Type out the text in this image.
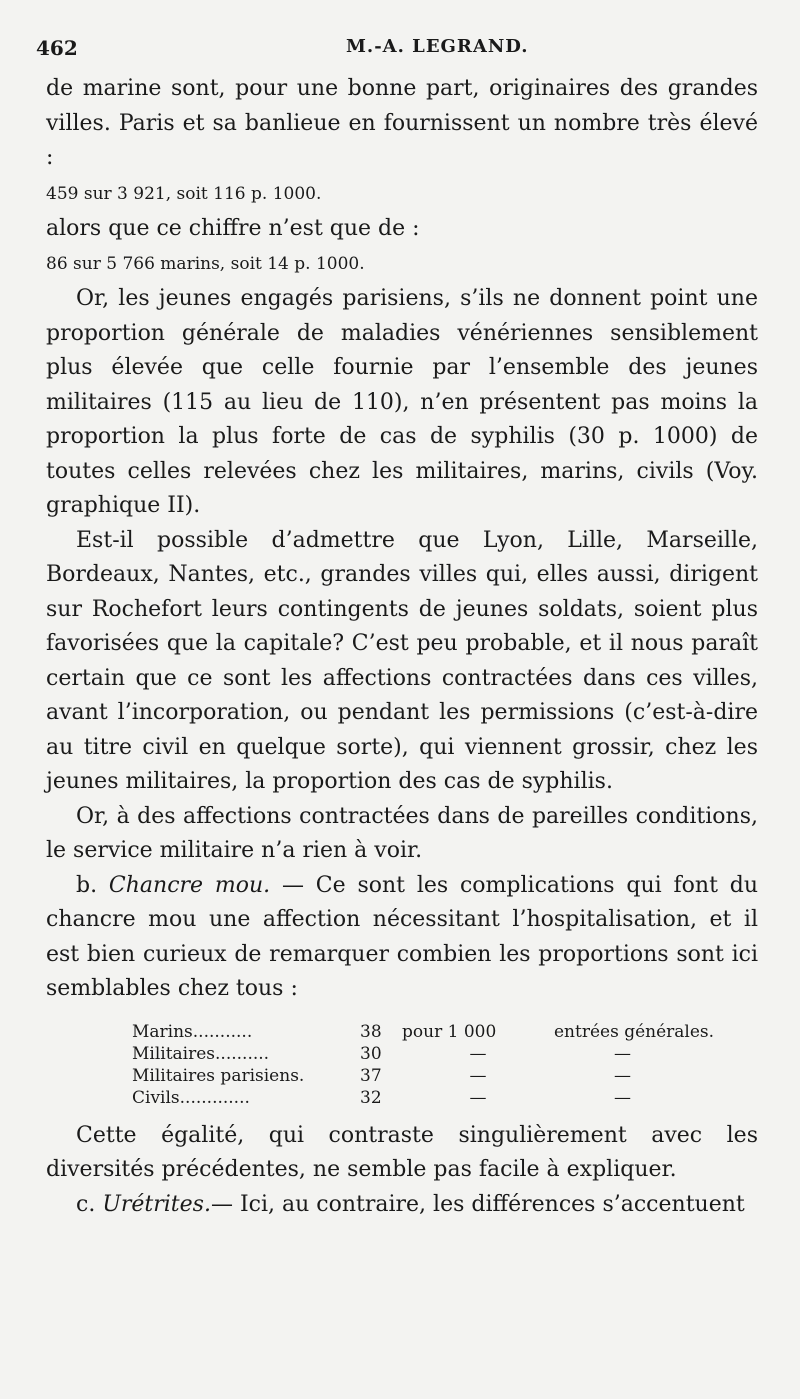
462	M.-A. LEGRAND.

de marine sont, pour une bonne part, originaires des grandes villes. Paris et sa banlieue en fournissent un nombre très élevé :

459 sur 3 921, soit 116 p. 1000.

alors que ce chiffre n’est que de :

86 sur 5 766 marins, soit 14 p. 1000.

Or, les jeunes engagés parisiens, s’ils ne donnent point une proportion générale de maladies vénériennes sensiblement plus élevée que celle fournie par l’ensemble des jeunes militaires (115 au lieu de 110), n’en présentent pas moins la proportion la plus forte de cas de syphilis (30 p. 1000) de toutes celles relevées chez les militaires, marins, civils (Voy. graphique II).

Est-il possible d’admettre que Lyon, Lille, Marseille, Bordeaux, Nantes, etc., grandes villes qui, elles aussi, dirigent sur Rochefort leurs contingents de jeunes soldats, soient plus favorisées que la capitale? C’est peu probable, et il nous paraît certain que ce sont les affections contractées dans ces villes, avant l’incorporation, ou pendant les permissions (c’est-à-dire au titre civil en quelque sorte), qui viennent grossir, chez les jeunes militaires, la proportion des cas de syphilis.

Or, à des affections contractées dans de pareilles conditions, le service militaire n’a rien à voir.

b. Chancre mou. — Ce sont les complications qui font du chancre mou une affection nécessitant l’hospitalisation, et il est bien curieux de remarquer combien les proportions sont ici semblables chez tous :

Marins...........	38	pour 1 000	entrées générales.
Militaires..........	30	—	—
Militaires parisiens.	37	—	—
Civils.............	32	—	—

Cette égalité, qui contraste singulièrement avec les diversités précédentes, ne semble pas facile à expliquer.

c. Urétrites.— Ici, au contraire, les différences s’accentuent
